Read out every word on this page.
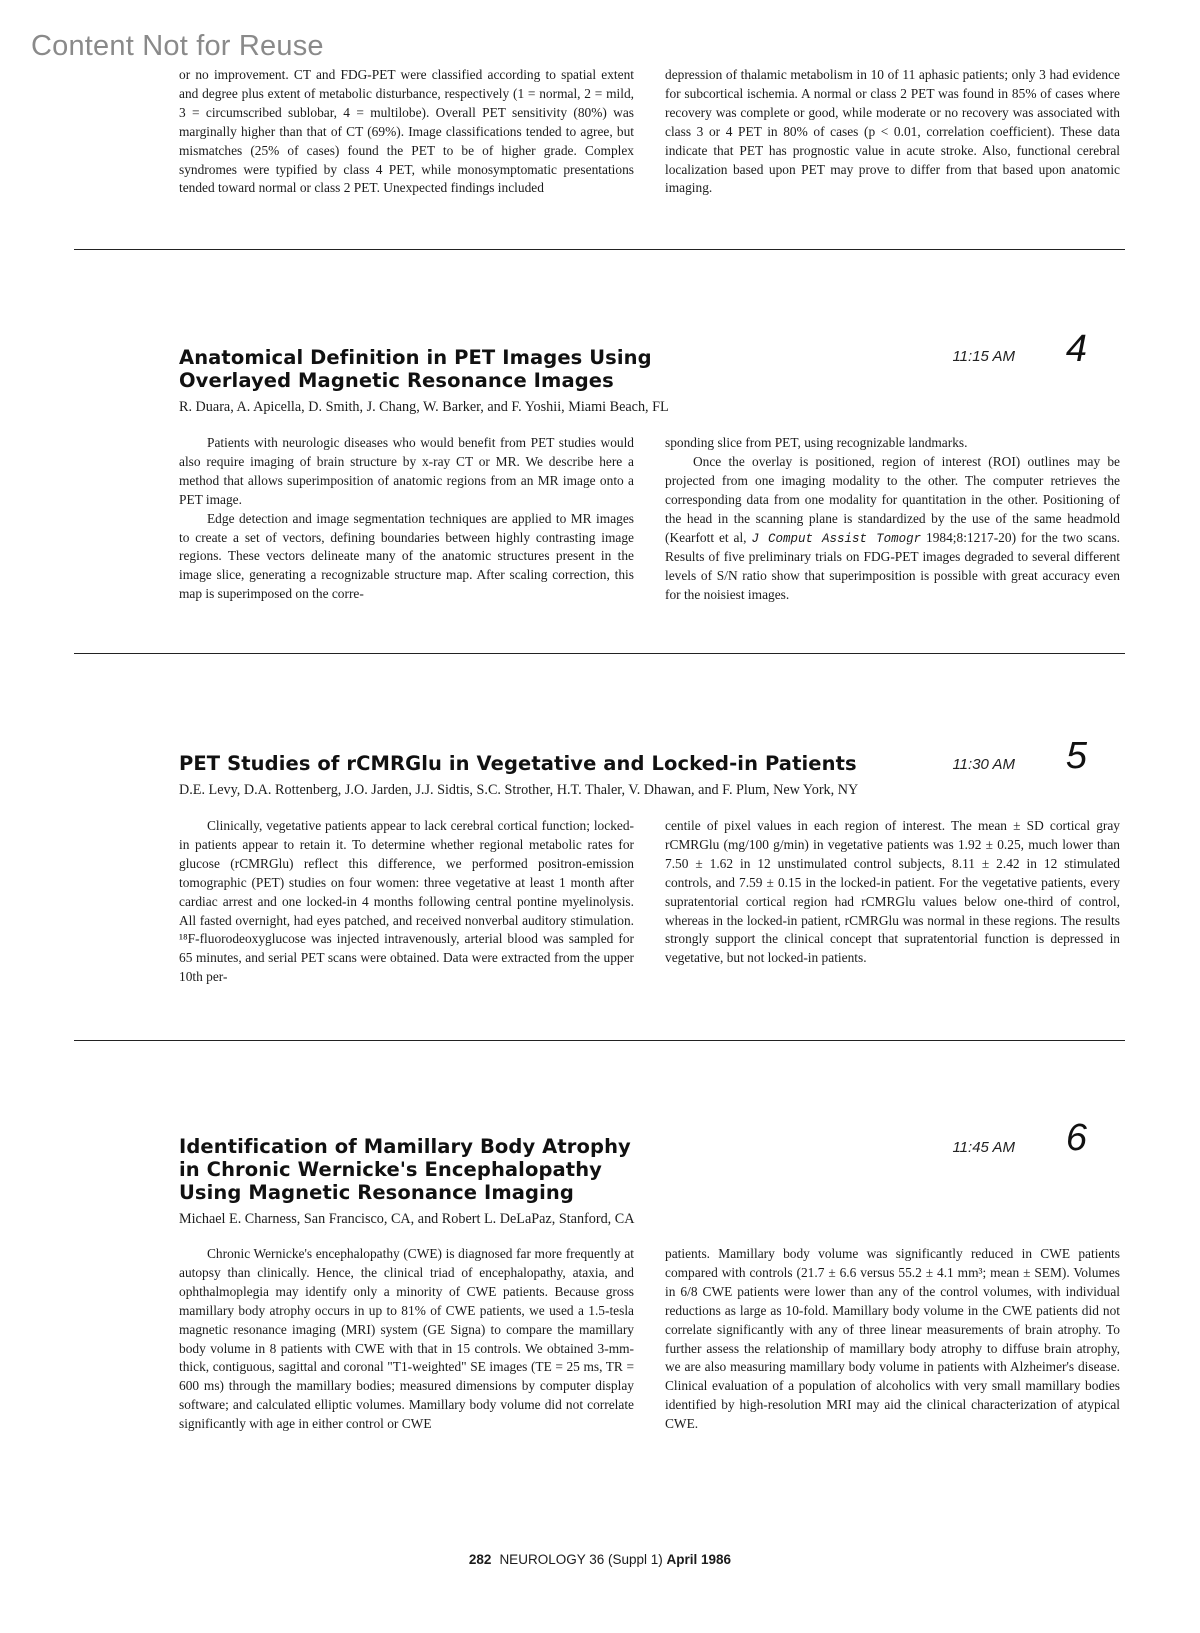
Content Not for Reuse

or no improvement. CT and FDG-PET were classified according to spatial extent and degree plus extent of metabolic disturbance, respectively (1 = normal, 2 = mild, 3 = circumscribed sublobar, 4 = multilobe). Overall PET sensitivity (80%) was marginally higher than that of CT (69%). Image classifications tended to agree, but mismatches (25% of cases) found the PET to be of higher grade. Complex syndromes were typified by class 4 PET, while monosymptomatic presentations tended toward normal or class 2 PET. Unexpected findings included

depression of thalamic metabolism in 10 of 11 aphasic patients; only 3 had evidence for subcortical ischemia. A normal or class 2 PET was found in 85% of cases where recovery was complete or good, while moderate or no recovery was associated with class 3 or 4 PET in 80% of cases (p < 0.01, correlation coefficient). These data indicate that PET has prognostic value in acute stroke. Also, functional cerebral localization based upon PET may prove to differ from that based upon anatomic imaging.

Anatomical Definition in PET Images Using
Overlayed Magnetic Resonance Images
11:15 AM	4
R. Duara, A. Apicella, D. Smith, J. Chang, W. Barker, and F. Yoshii, Miami Beach, FL

Patients with neurologic diseases who would benefit from PET studies would also require imaging of brain structure by x-ray CT or MR. We describe here a method that allows superimposition of anatomic regions from an MR image onto a PET image.

Edge detection and image segmentation techniques are applied to MR images to create a set of vectors, defining boundaries between highly contrasting image regions. These vectors delineate many of the anatomic structures present in the image slice, generating a recognizable structure map. After scaling correction, this map is superimposed on the corre-

sponding slice from PET, using recognizable landmarks.

Once the overlay is positioned, region of interest (ROI) outlines may be projected from one imaging modality to the other. The computer retrieves the corresponding data from one modality for quantitation in the other. Positioning of the head in the scanning plane is standardized by the use of the same headmold (Kearfott et al, J Comput Assist Tomogr 1984;8:1217-20) for the two scans. Results of five preliminary trials on FDG-PET images degraded to several different levels of S/N ratio show that superimposition is possible with great accuracy even for the noisiest images.

PET Studies of rCMRGlu in Vegetative and Locked-in Patients	11:30 AM	5
D.E. Levy, D.A. Rottenberg, J.O. Jarden, J.J. Sidtis, S.C. Strother, H.T. Thaler, V. Dhawan, and F. Plum, New York, NY

Clinically, vegetative patients appear to lack cerebral cortical function; locked-in patients appear to retain it. To determine whether regional metabolic rates for glucose (rCMRGlu) reflect this difference, we performed positron-emission tomographic (PET) studies on four women: three vegetative at least 1 month after cardiac arrest and one locked-in 4 months following central pontine myelinolysis. All fasted overnight, had eyes patched, and received nonverbal auditory stimulation. ¹⁸F-fluorodeoxyglucose was injected intravenously, arterial blood was sampled for 65 minutes, and serial PET scans were obtained. Data were extracted from the upper 10th per-

centile of pixel values in each region of interest. The mean ± SD cortical gray rCMRGlu (mg/100 g/min) in vegetative patients was 1.92 ± 0.25, much lower than 7.50 ± 1.62 in 12 unstimulated control subjects, 8.11 ± 2.42 in 12 stimulated controls, and 7.59 ± 0.15 in the locked-in patient. For the vegetative patients, every supratentorial cortical region had rCMRGlu values below one-third of control, whereas in the locked-in patient, rCMRGlu was normal in these regions. The results strongly support the clinical concept that supratentorial function is depressed in vegetative, but not locked-in patients.

Identification of Mamillary Body Atrophy
in Chronic Wernicke's Encephalopathy
Using Magnetic Resonance Imaging
11:45 AM	6
Michael E. Charness, San Francisco, CA, and Robert L. DeLaPaz, Stanford, CA

Chronic Wernicke's encephalopathy (CWE) is diagnosed far more frequently at autopsy than clinically. Hence, the clinical triad of encephalopathy, ataxia, and ophthalmoplegia may identify only a minority of CWE patients. Because gross mamillary body atrophy occurs in up to 81% of CWE patients, we used a 1.5-tesla magnetic resonance imaging (MRI) system (GE Signa) to compare the mamillary body volume in 8 patients with CWE with that in 15 controls. We obtained 3-mm-thick, contiguous, sagittal and coronal "T1-weighted" SE images (TE = 25 ms, TR = 600 ms) through the mamillary bodies; measured dimensions by computer display software; and calculated elliptic volumes. Mamillary body volume did not correlate significantly with age in either control or CWE

patients. Mamillary body volume was significantly reduced in CWE patients compared with controls (21.7 ± 6.6 versus 55.2 ± 4.1 mm³; mean ± SEM). Volumes in 6/8 CWE patients were lower than any of the control volumes, with individual reductions as large as 10-fold. Mamillary body volume in the CWE patients did not correlate significantly with any of three linear measurements of brain atrophy. To further assess the relationship of mamillary body atrophy to diffuse brain atrophy, we are also measuring mamillary body volume in patients with Alzheimer's disease. Clinical evaluation of a population of alcoholics with very small mamillary bodies identified by high-resolution MRI may aid the clinical characterization of atypical CWE.

282 NEUROLOGY 36 (Suppl 1) April 1986
